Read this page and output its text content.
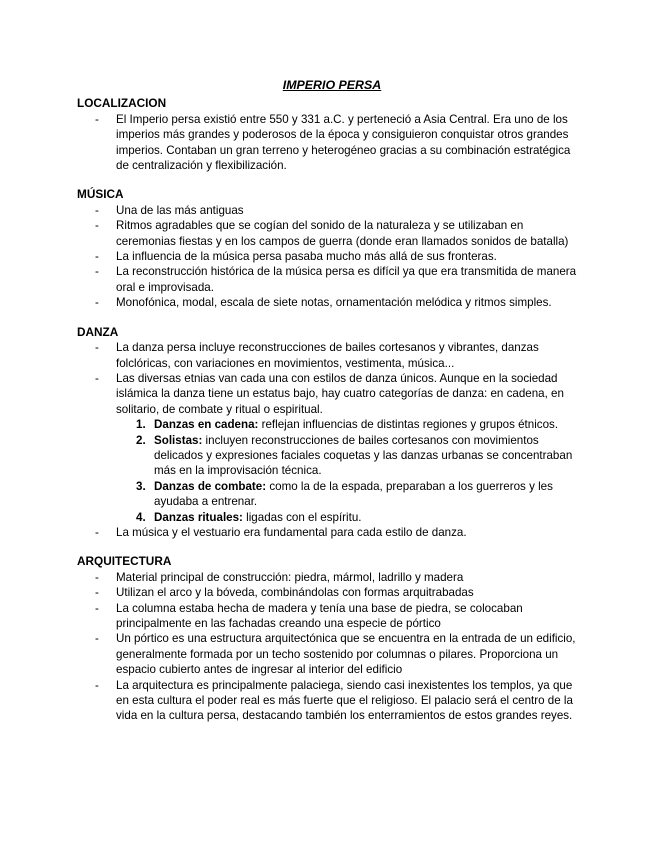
IMPERIO PERSA
LOCALIZACION
- El Imperio persa existió entre 550 y 331 a.C. y perteneció a Asia Central. Era uno de los imperios más grandes y poderosos de la época y consiguieron conquistar otros grandes imperios. Contaban un gran terreno y heterogéneo gracias a su combinación estratégica de centralización y flexibilización.
MÚSICA
- Una de las más antiguas
- Ritmos agradables que se cogían del sonido de la naturaleza y se utilizaban en ceremonias fiestas y en los campos de guerra (donde eran llamados sonidos de batalla)
- La influencia de la música persa pasaba mucho más allá de sus fronteras.
- La reconstrucción histórica de la música persa es difícil ya que era transmitida de manera oral e improvisada.
- Monofónica, modal, escala de siete notas, ornamentación melódica y ritmos simples.
DANZA
- La danza persa incluye reconstrucciones de bailes cortesanos y vibrantes, danzas folclóricas, con variaciones en movimientos, vestimenta, música...
- Las diversas etnias van cada una con estilos de danza únicos. Aunque en la sociedad islámica la danza tiene un estatus bajo, hay cuatro categorías de danza: en cadena, en solitario, de combate y ritual o espiritual.
1. Danzas en cadena: reflejan influencias de distintas regiones y grupos étnicos.
2. Solistas: incluyen reconstrucciones de bailes cortesanos con movimientos delicados y expresiones faciales coquetas y las danzas urbanas se concentraban más en la improvisación técnica.
3. Danzas de combate: como la de la espada, preparaban a los guerreros y les ayudaba a entrenar.
4. Danzas rituales: ligadas con el espíritu.
- La música y el vestuario era fundamental para cada estilo de danza.
ARQUITECTURA
- Material principal de construcción: piedra, mármol, ladrillo y madera
- Utilizan el arco y la bóveda, combinándolas con formas arquitrabadas
- La columna estaba hecha de madera y tenía una base de piedra, se colocaban principalmente en las fachadas creando una especie de pórtico
- Un pórtico es una estructura arquitectónica que se encuentra en la entrada de un edificio, generalmente formada por un techo sostenido por columnas o pilares. Proporciona un espacio cubierto antes de ingresar al interior del edificio
- La arquitectura es principalmente palaciega, siendo casi inexistentes los templos, ya que en esta cultura el poder real es más fuerte que el religioso. El palacio será el centro de la vida en la cultura persa, destacando también los enterramientos de estos grandes reyes.
